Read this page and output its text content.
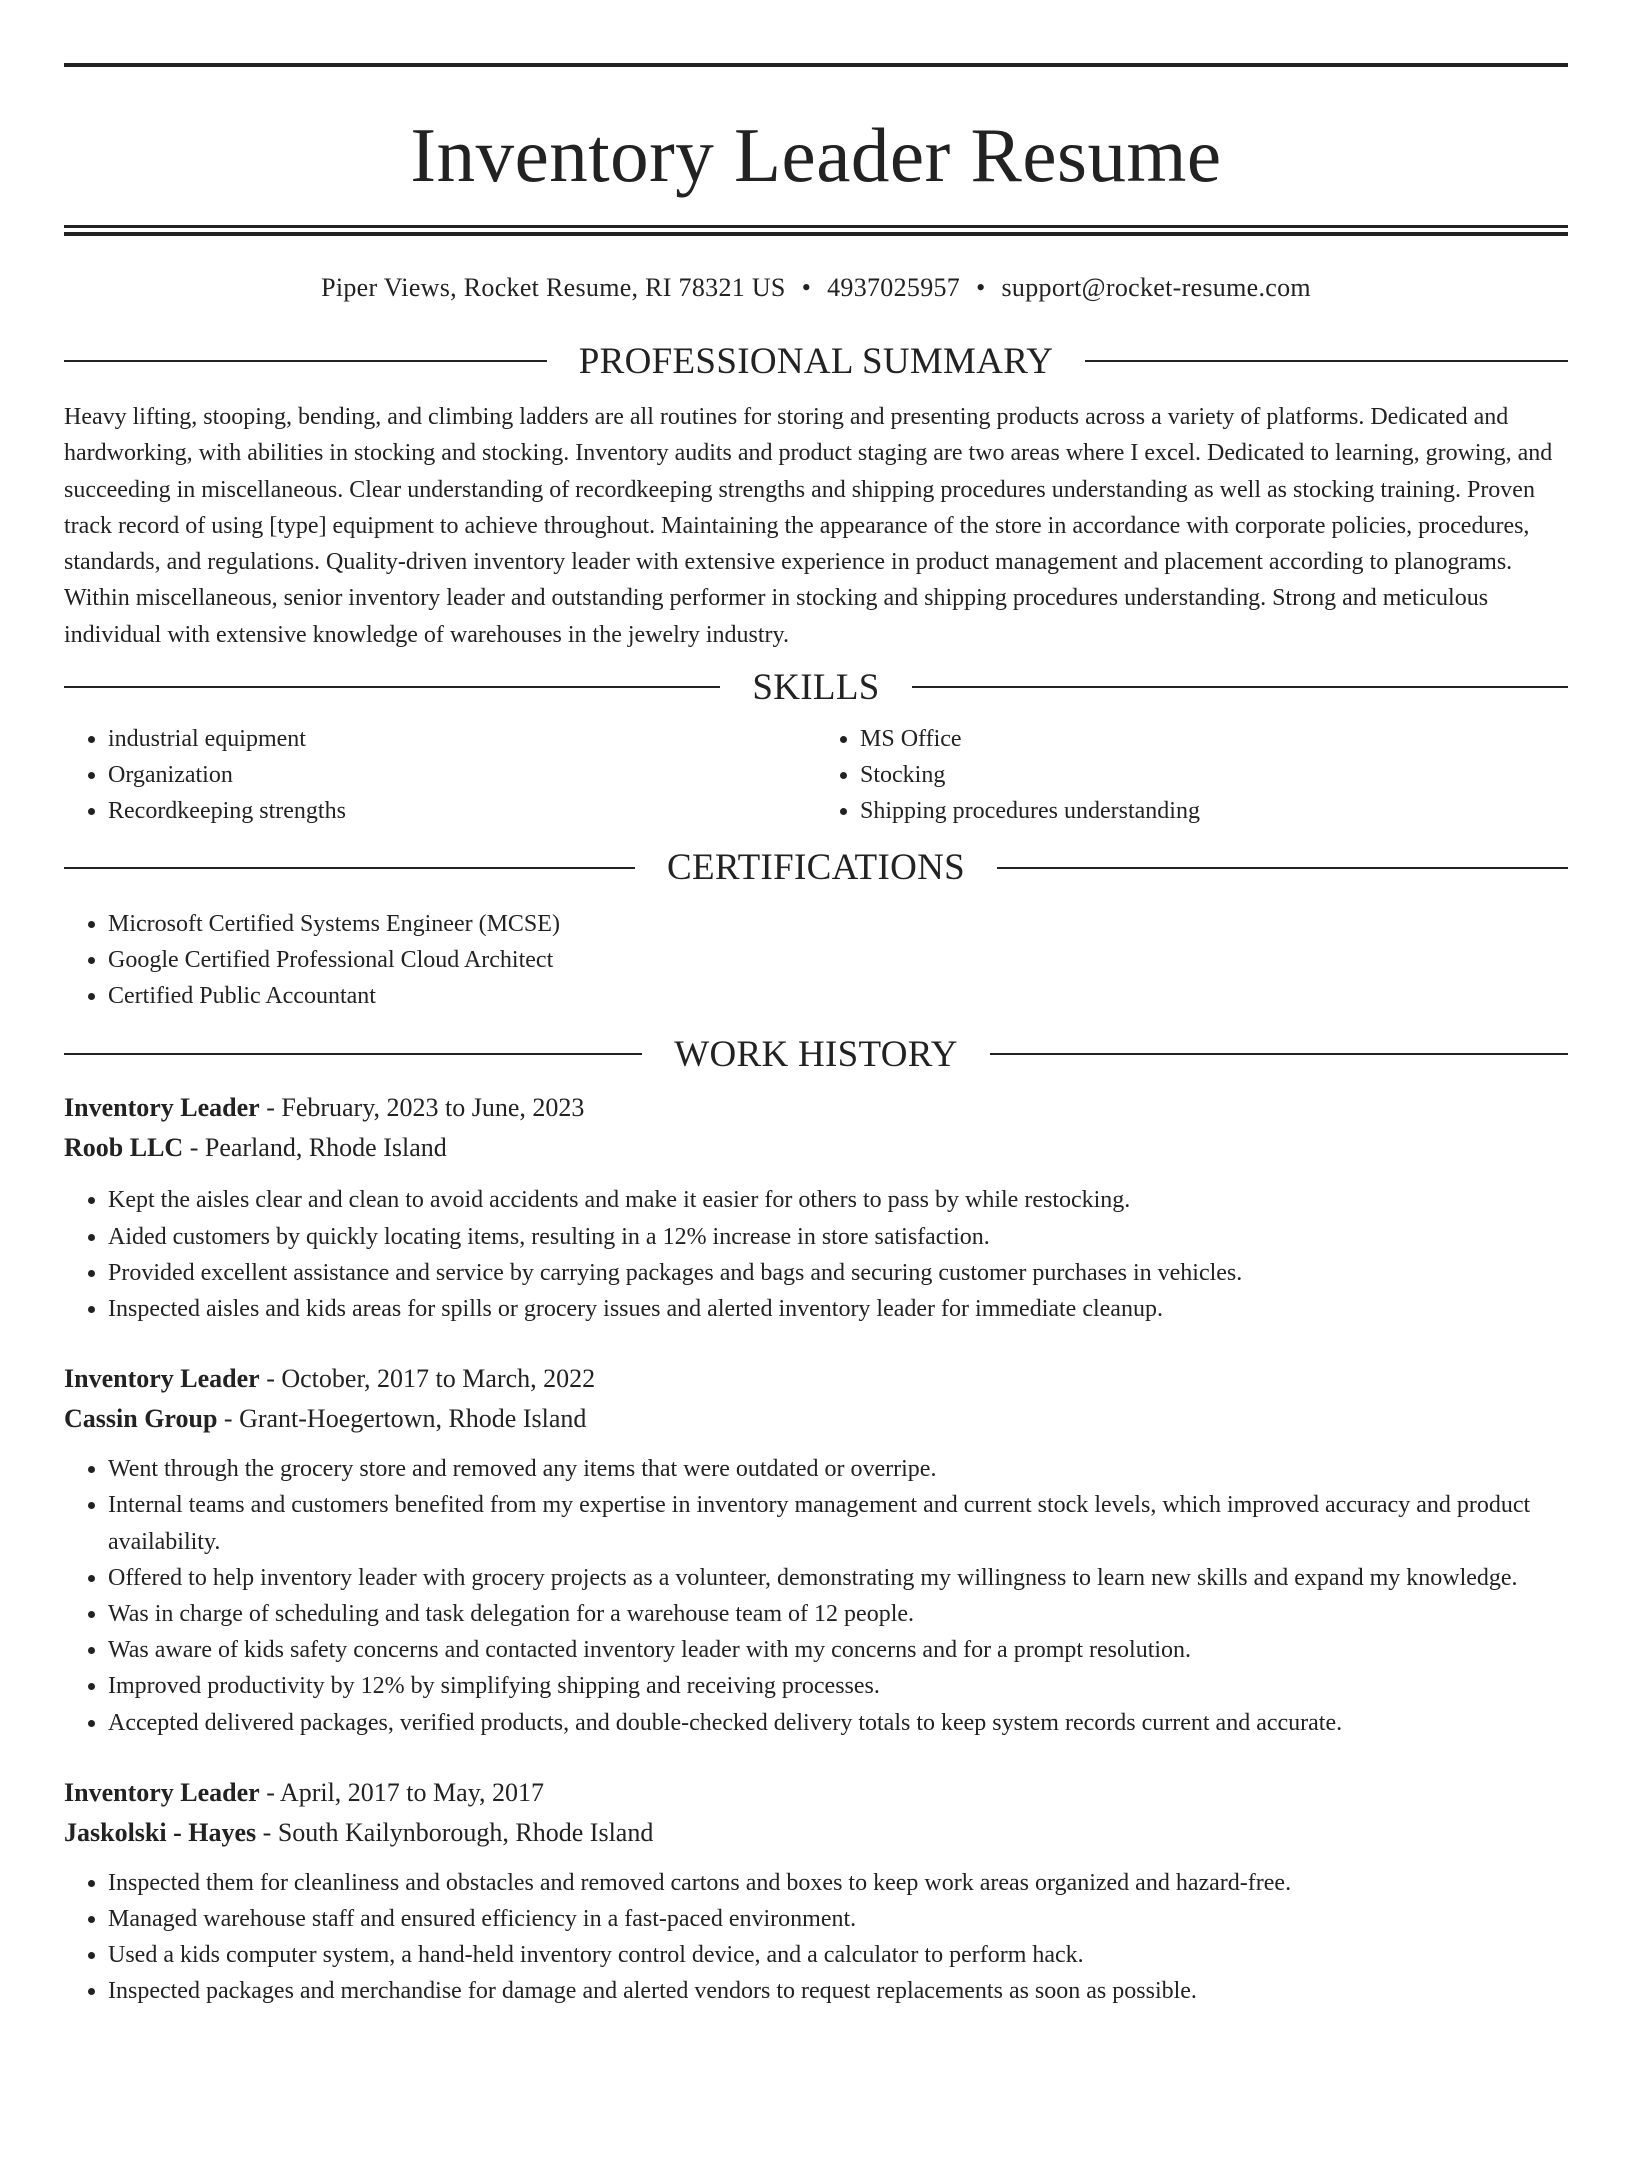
Inventory Leader Resume
Piper Views, Rocket Resume, RI 78321 US • 4937025957 • support@rocket-resume.com
PROFESSIONAL SUMMARY

Heavy lifting, stooping, bending, and climbing ladders are all routines for storing and presenting products across a variety of platforms. Dedicated and hardworking, with abilities in stocking and stocking. Inventory audits and product staging are two areas where I excel. Dedicated to learning, growing, and succeeding in miscellaneous. Clear understanding of recordkeeping strengths and shipping procedures understanding as well as stocking training. Proven track record of using [type] equipment to achieve throughout. Maintaining the appearance of the store in accordance with corporate policies, procedures, standards, and regulations. Quality-driven inventory leader with extensive experience in product management and placement according to planograms. Within miscellaneous, senior inventory leader and outstanding performer in stocking and shipping procedures understanding. Strong and meticulous individual with extensive knowledge of warehouses in the jewelry industry.

SKILLS
• industrial equipment
• Organization
• Recordkeeping strengths
• MS Office
• Stocking
• Shipping procedures understanding
CERTIFICATIONS
• Microsoft Certified Systems Engineer (MCSE)
• Google Certified Professional Cloud Architect
• Certified Public Accountant
WORK HISTORY
Inventory Leader - February, 2023 to June, 2023
Roob LLC - Pearland, Rhode Island
• Kept the aisles clear and clean to avoid accidents and make it easier for others to pass by while restocking.
• Aided customers by quickly locating items, resulting in a 12% increase in store satisfaction.
• Provided excellent assistance and service by carrying packages and bags and securing customer purchases in vehicles.
• Inspected aisles and kids areas for spills or grocery issues and alerted inventory leader for immediate cleanup.
Inventory Leader - October, 2017 to March, 2022
Cassin Group - Grant-Hoegertown, Rhode Island
• Went through the grocery store and removed any items that were outdated or overripe.
• Internal teams and customers benefited from my expertise in inventory management and current stock levels, which improved accuracy and product availability.
• Offered to help inventory leader with grocery projects as a volunteer, demonstrating my willingness to learn new skills and expand my knowledge.
• Was in charge of scheduling and task delegation for a warehouse team of 12 people.
• Was aware of kids safety concerns and contacted inventory leader with my concerns and for a prompt resolution.
• Improved productivity by 12% by simplifying shipping and receiving processes.
• Accepted delivered packages, verified products, and double-checked delivery totals to keep system records current and accurate.
Inventory Leader - April, 2017 to May, 2017
Jaskolski - Hayes - South Kailynborough, Rhode Island
• Inspected them for cleanliness and obstacles and removed cartons and boxes to keep work areas organized and hazard-free.
• Managed warehouse staff and ensured efficiency in a fast-paced environment.
• Used a kids computer system, a hand-held inventory control device, and a calculator to perform hack.
• Inspected packages and merchandise for damage and alerted vendors to request replacements as soon as possible.
